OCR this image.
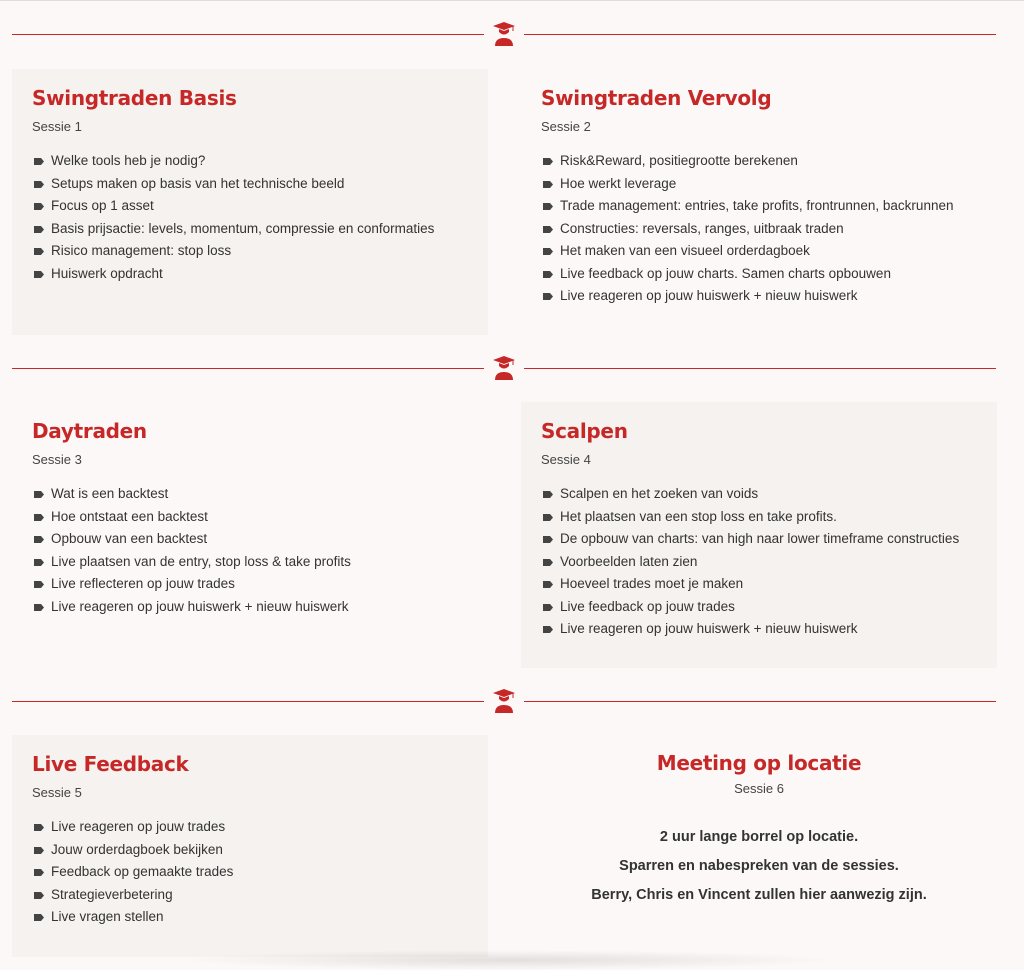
Swingtraden Basis
Sessie 1
Welke tools heb je nodig?
Setups maken op basis van het technische beeld
Focus op 1 asset
Basis prijsactie: levels, momentum, compressie en conformaties
Risico management: stop loss
Huiswerk opdracht
Swingtraden Vervolg
Sessie 2
Risk&Reward, positiegrootte berekenen
Hoe werkt leverage
Trade management: entries, take profits, frontrunnen, backrunnen
Constructies: reversals, ranges, uitbraak traden
Het maken van een visueel orderdagboek
Live feedback op jouw charts. Samen charts opbouwen
Live reageren op jouw huiswerk + nieuw huiswerk
Daytraden
Sessie 3
Wat is een backtest
Hoe ontstaat een backtest
Opbouw van een backtest
Live plaatsen van de entry, stop loss & take profits
Live reflecteren op jouw trades
Live reageren op jouw huiswerk + nieuw huiswerk
Scalpen
Sessie 4
Scalpen en het zoeken van voids
Het plaatsen van een stop loss en take profits.
De opbouw van charts: van high naar lower timeframe constructies
Voorbeelden laten zien
Hoeveel trades moet je maken
Live feedback op jouw trades
Live reageren op jouw huiswerk + nieuw huiswerk
Live Feedback
Sessie 5
Live reageren op jouw trades
Jouw orderdagboek bekijken
Feedback op gemaakte trades
Strategieverbetering
Live vragen stellen
Meeting op locatie
Sessie 6
2 uur lange borrel op locatie.
Sparren en nabespreken van de sessies.
Berry, Chris en Vincent zullen hier aanwezig zijn.
